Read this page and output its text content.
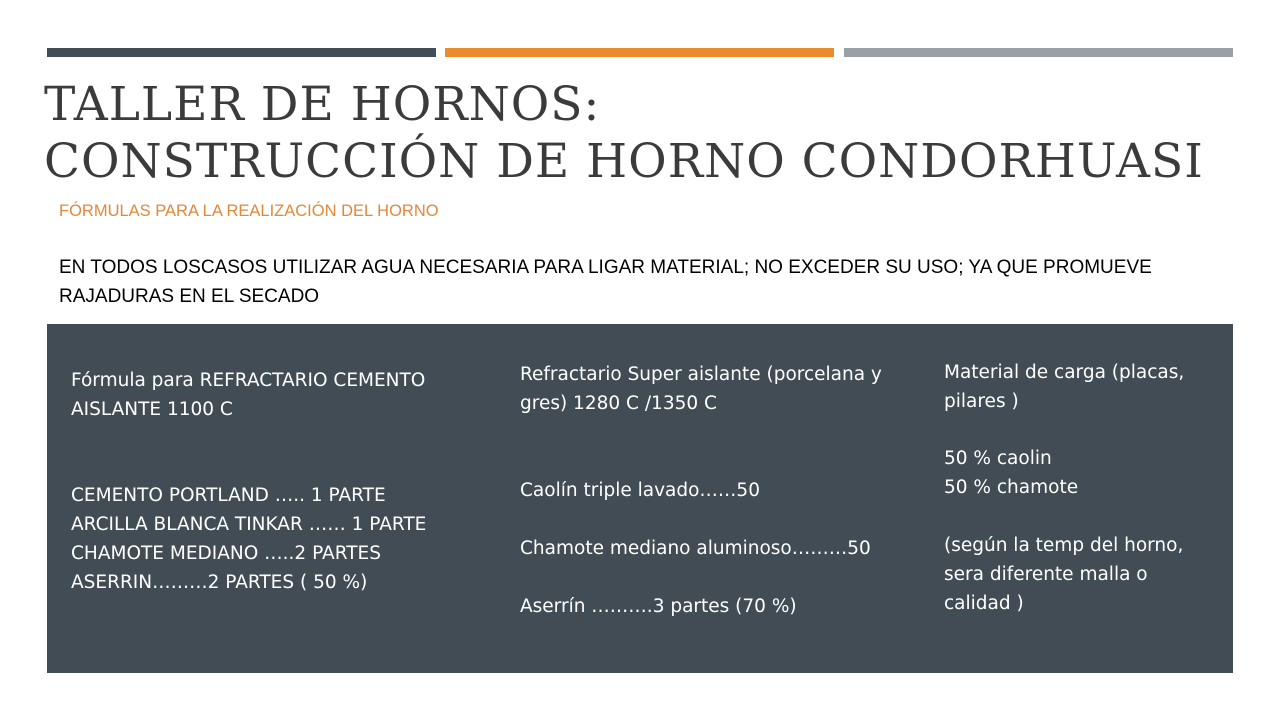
TALLER DE HORNOS:
CONSTRUCCIÓN DE HORNO CONDORHUASI

FÓRMULAS PARA LA REALIZACIÓN DEL HORNO

EN TODOS LOSCASOS UTILIZAR AGUA NECESARIA PARA LIGAR MATERIAL; NO EXCEDER SU USO; YA QUE PROMUEVE RAJADURAS EN EL SECADO

Fórmula para REFRACTARIO CEMENTO AISLANTE 1100 C

CEMENTO PORTLAND ….. 1 PARTE

ARCILLA BLANCA TINKAR …… 1 PARTE

CHAMOTE MEDIANO …..2 PARTES

ASERRIN………2 PARTES ( 50 %)

Refractario Super aislante (porcelana y gres) 1280 C /1350 C

Caolín triple lavado……50

Chamote mediano aluminoso………50

Aserrín ……….3 partes (70 %)

Material de carga (placas, pilares )

50 % caolin

50 % chamote

(según la temp del horno, sera diferente malla o calidad )
